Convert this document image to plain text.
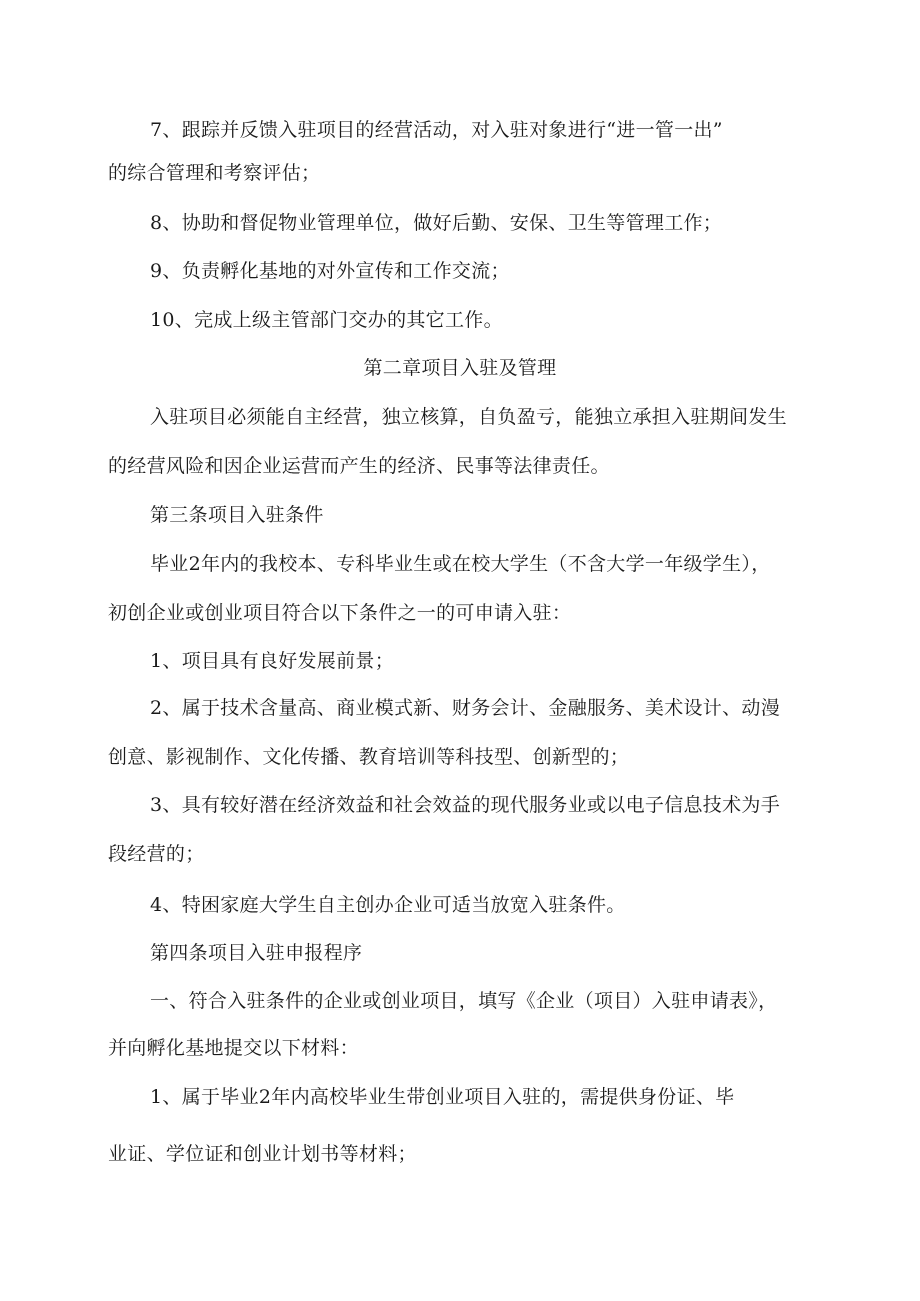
7、跟踪并反馈入驻项目的经营活动，对入驻对象进行“进一管一出”

的综合管理和考察评估；

8、协助和督促物业管理单位，做好后勤、安保、卫生等管理工作；

9、负责孵化基地的对外宣传和工作交流；

10、完成上级主管部门交办的其它工作。

第二章项目入驻及管理

入驻项目必须能自主经营，独立核算，自负盈亏，能独立承担入驻期间发生

的经营风险和因企业运营而产生的经济、民事等法律责任。

第三条项目入驻条件

毕业2年内的我校本、专科毕业生或在校大学生（不含大学一年级学生），

初创企业或创业项目符合以下条件之一的可申请入驻：

1、项目具有良好发展前景；

2、属于技术含量高、商业模式新、财务会计、金融服务、美术设计、动漫

创意、影视制作、文化传播、教育培训等科技型、创新型的；

3、具有较好潜在经济效益和社会效益的现代服务业或以电子信息技术为手

段经营的；

4、特困家庭大学生自主创办企业可适当放宽入驻条件。

第四条项目入驻申报程序

一、符合入驻条件的企业或创业项目，填写《企业（项目）入驻申请表》，

并向孵化基地提交以下材料：

1、属于毕业2年内高校毕业生带创业项目入驻的，需提供身份证、毕

业证、学位证和创业计划书等材料；
